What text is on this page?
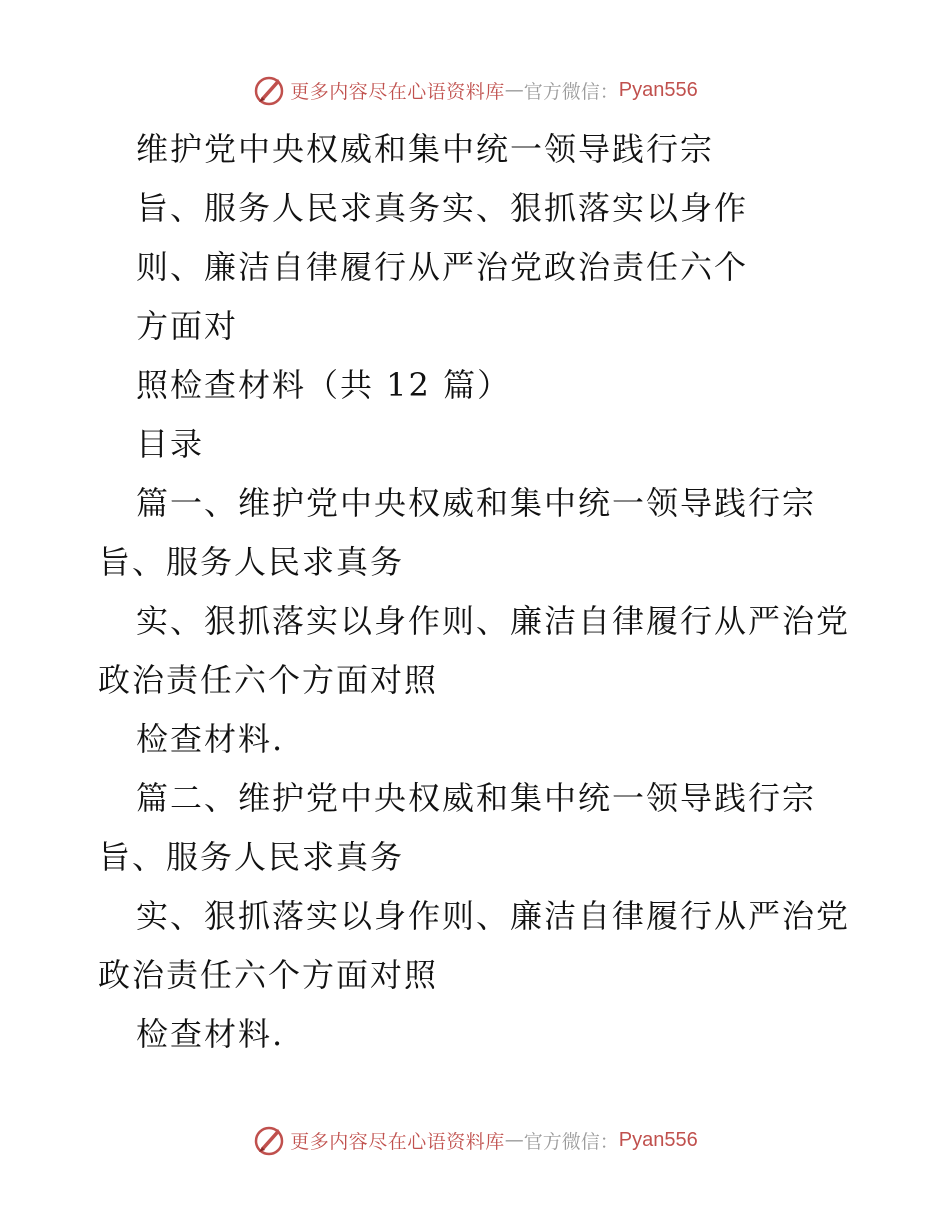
更多内容尽在心语资料库 — 官方微信： Pyan556
维护党中央权威和集中统一领导践行宗
旨、服务人民求真务实、狠抓落实以身作
则、廉洁自律履行从严治党政治责任六个
方面对
照检查材料（共 12 篇）
目录
篇一、维护党中央权威和集中统一领导践行宗
旨、服务人民求真务
实、狠抓落实以身作则、廉洁自律履行从严治党
政治责任六个方面对照
检查材料.
篇二、维护党中央权威和集中统一领导践行宗
旨、服务人民求真务
实、狠抓落实以身作则、廉洁自律履行从严治党
政治责任六个方面对照
检查材料.
更多内容尽在心语资料库 — 官方微信： Pyan556
